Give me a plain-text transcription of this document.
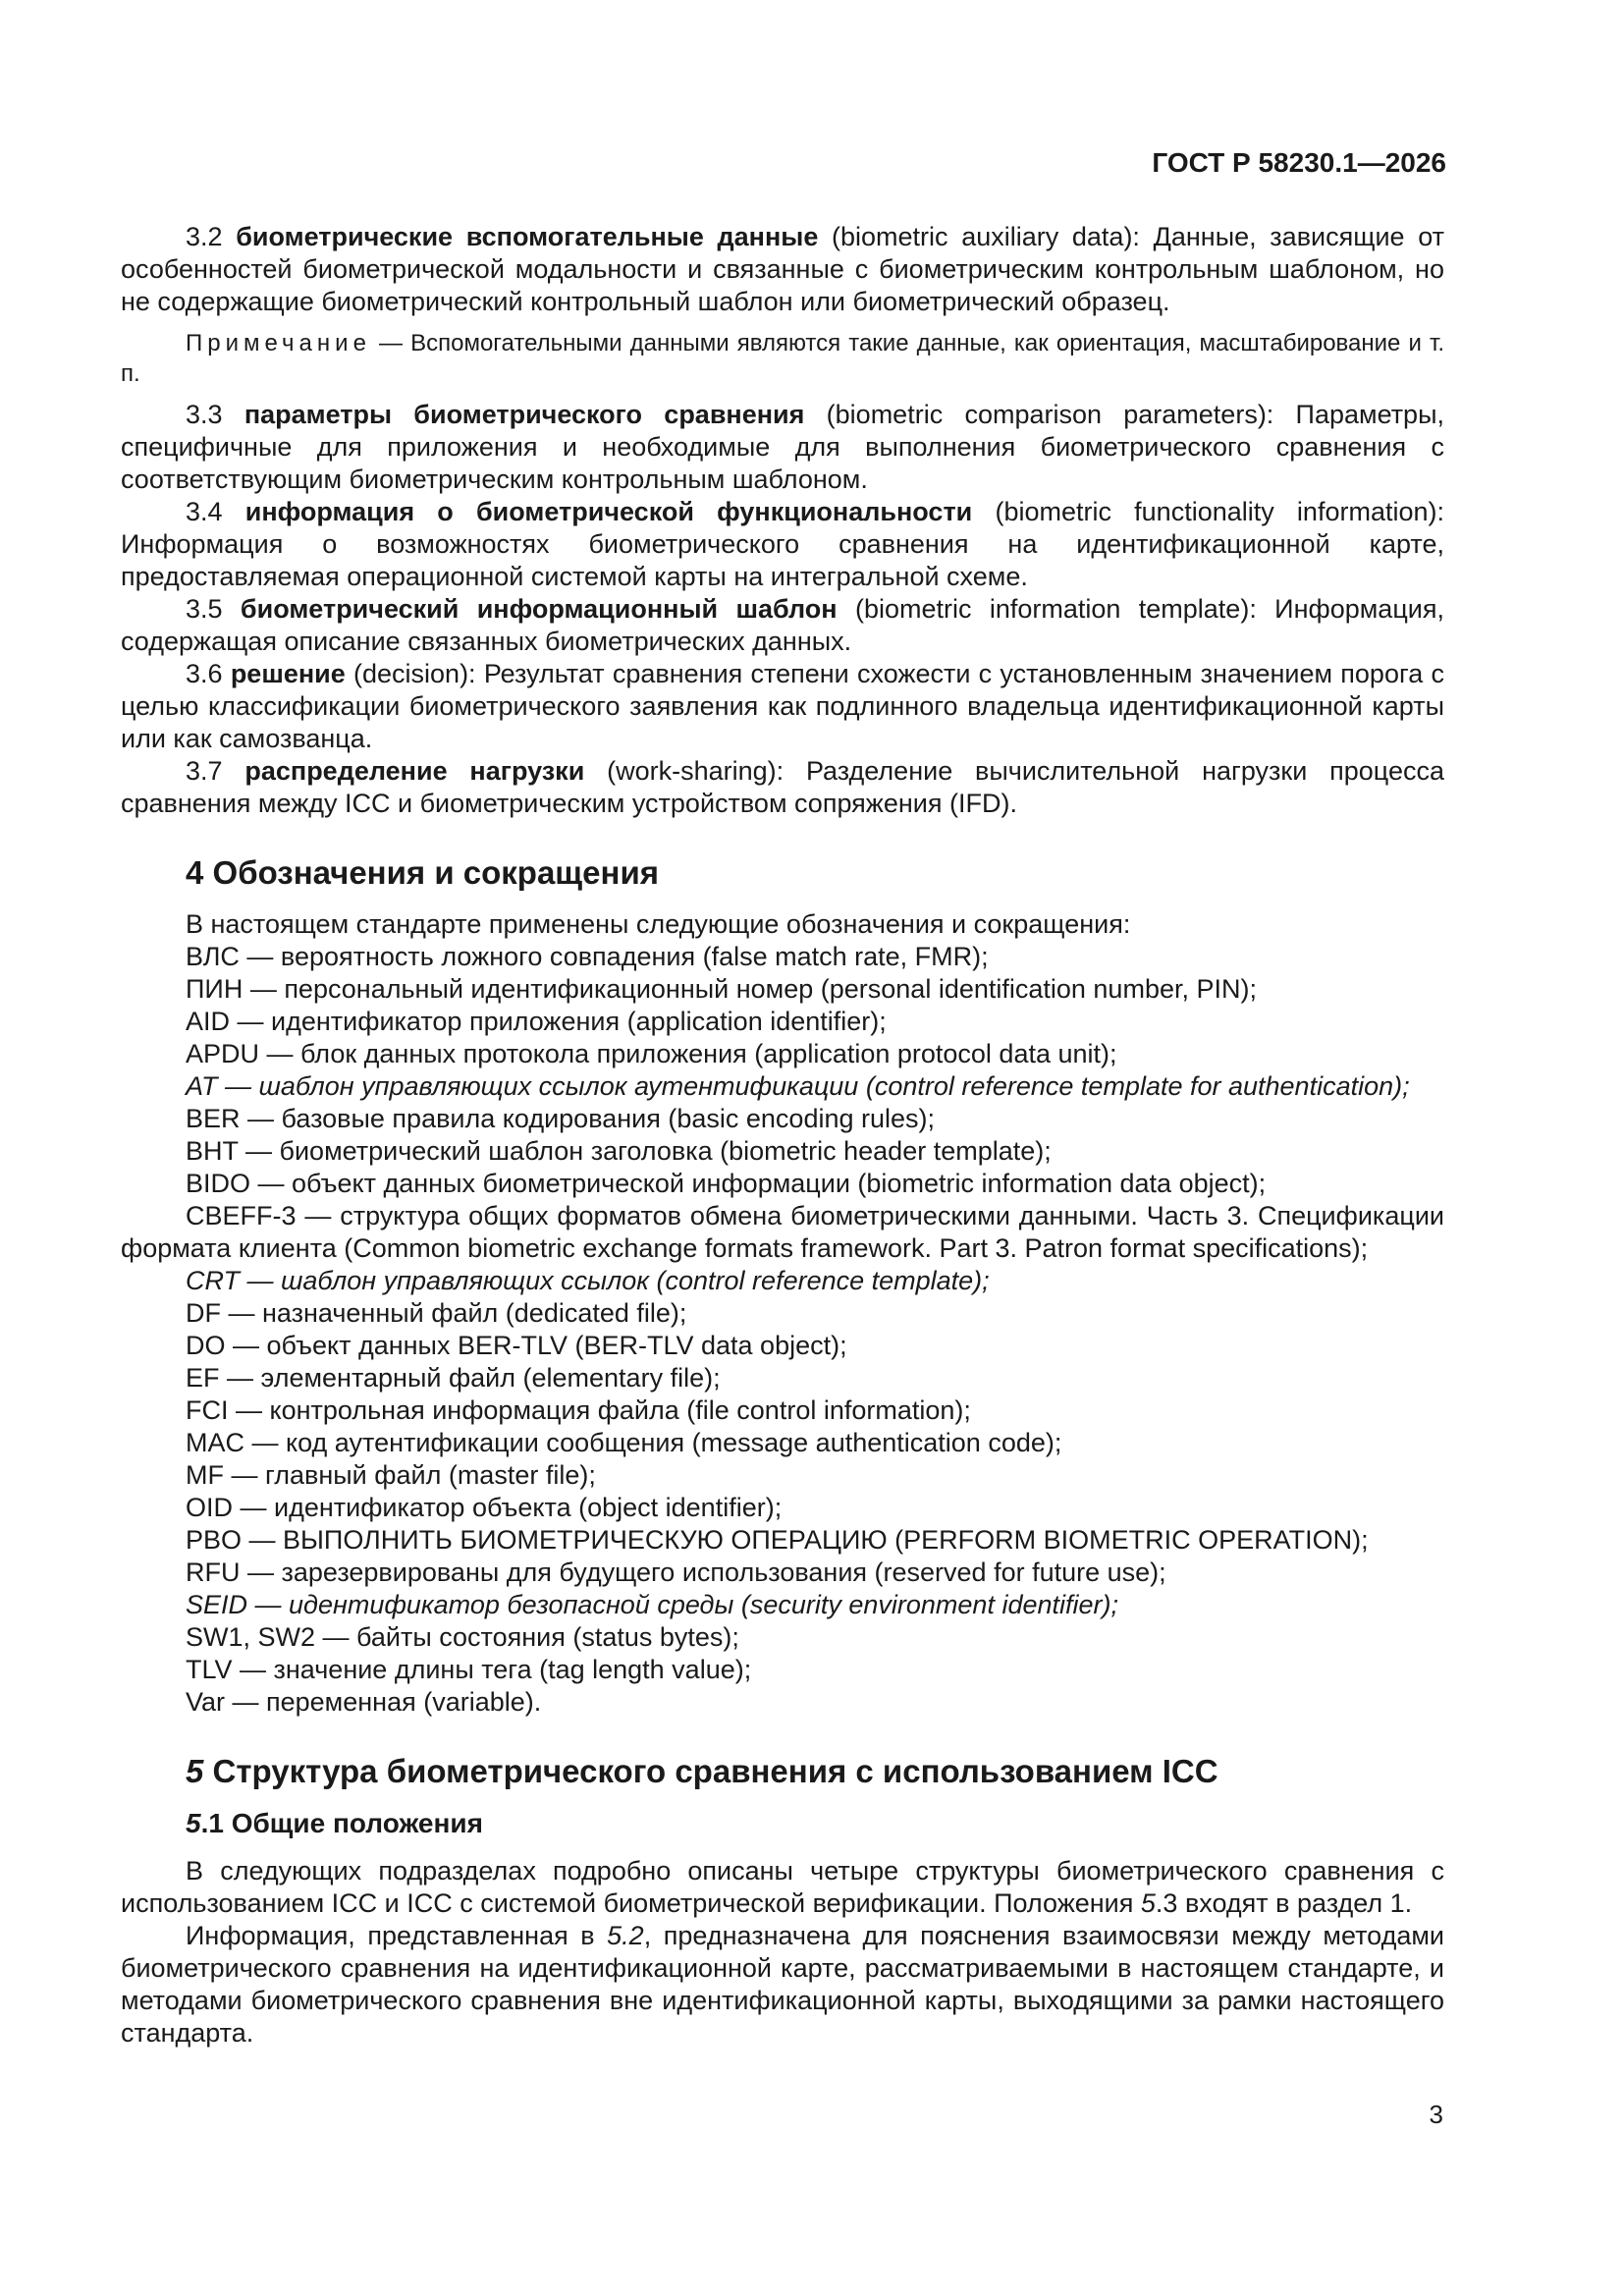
ГОСТ Р 58230.1—2026

3.2 биометрические вспомогательные данные (biometric auxiliary data): Данные, зависящие от особенностей биометрической модальности и связанные с биометрическим контрольным шаблоном, но не содержащие биометрический контрольный шаблон или биометрический образец.

Примечание — Вспомогательными данными являются такие данные, как ориентация, масштабирование и т. п.

3.3 параметры биометрического сравнения (biometric comparison parameters): Параметры, специфичные для приложения и необходимые для выполнения биометрического сравнения с соответствующим биометрическим контрольным шаблоном.

3.4 информация о биометрической функциональности (biometric functionality information): Информация о возможностях биометрического сравнения на идентификационной карте, предоставляемая операционной системой карты на интегральной схеме.

3.5 биометрический информационный шаблон (biometric information template): Информация, содержащая описание связанных биометрических данных.

3.6 решение (decision): Результат сравнения степени схожести с установленным значением порога с целью классификации биометрического заявления как подлинного владельца идентификационной карты или как самозванца.

3.7 распределение нагрузки (work-sharing): Разделение вычислительной нагрузки процесса сравнения между ICC и биометрическим устройством сопряжения (IFD).

4 Обозначения и сокращения

В настоящем стандарте применены следующие обозначения и сокращения:

ВЛС — вероятность ложного совпадения (false match rate, FMR);

ПИН — персональный идентификационный номер (personal identification number, PIN);

AID — идентификатор приложения (application identifier);

APDU — блок данных протокола приложения (application protocol data unit);

AT — шаблон управляющих ссылок аутентификации (control reference template for authentication);

BER — базовые правила кодирования (basic encoding rules);

BHT — биометрический шаблон заголовка (biometric header template);

BIDO — объект данных биометрической информации (biometric information data object);

CBEFF-3 — структура общих форматов обмена биометрическими данными. Часть 3. Спецификации формата клиента (Common biometric exchange formats framework. Part 3. Patron format specifications);

CRT — шаблон управляющих ссылок (control reference template);

DF — назначенный файл (dedicated file);

DO — объект данных BER-TLV (BER-TLV data object);

EF — элементарный файл (elementary file);

FCI — контрольная информация файла (file control information);

MAC — код аутентификации сообщения (message authentication code);

MF — главный файл (master file);

OID — идентификатор объекта (object identifier);

PBO — ВЫПОЛНИТЬ БИОМЕТРИЧЕСКУЮ ОПЕРАЦИЮ (PERFORM BIOMETRIC OPERATION);

RFU — зарезервированы для будущего использования (reserved for future use);

SEID — идентификатор безопасной среды (security environment identifier);

SW1, SW2 — байты состояния (status bytes);

TLV — значение длины тега (tag length value);

Var — переменная (variable).

5 Структура биометрического сравнения с использованием ICC
5.1 Общие положения

В следующих подразделах подробно описаны четыре структуры биометрического сравнения с использованием ICC и ICC с системой биометрической верификации. Положения 5.3 входят в раздел 1.

Информация, представленная в 5.2, предназначена для пояснения взаимосвязи между методами биометрического сравнения на идентификационной карте, рассматриваемыми в настоящем стандарте, и методами биометрического сравнения вне идентификационной карты, выходящими за рамки настоящего стандарта.

3
